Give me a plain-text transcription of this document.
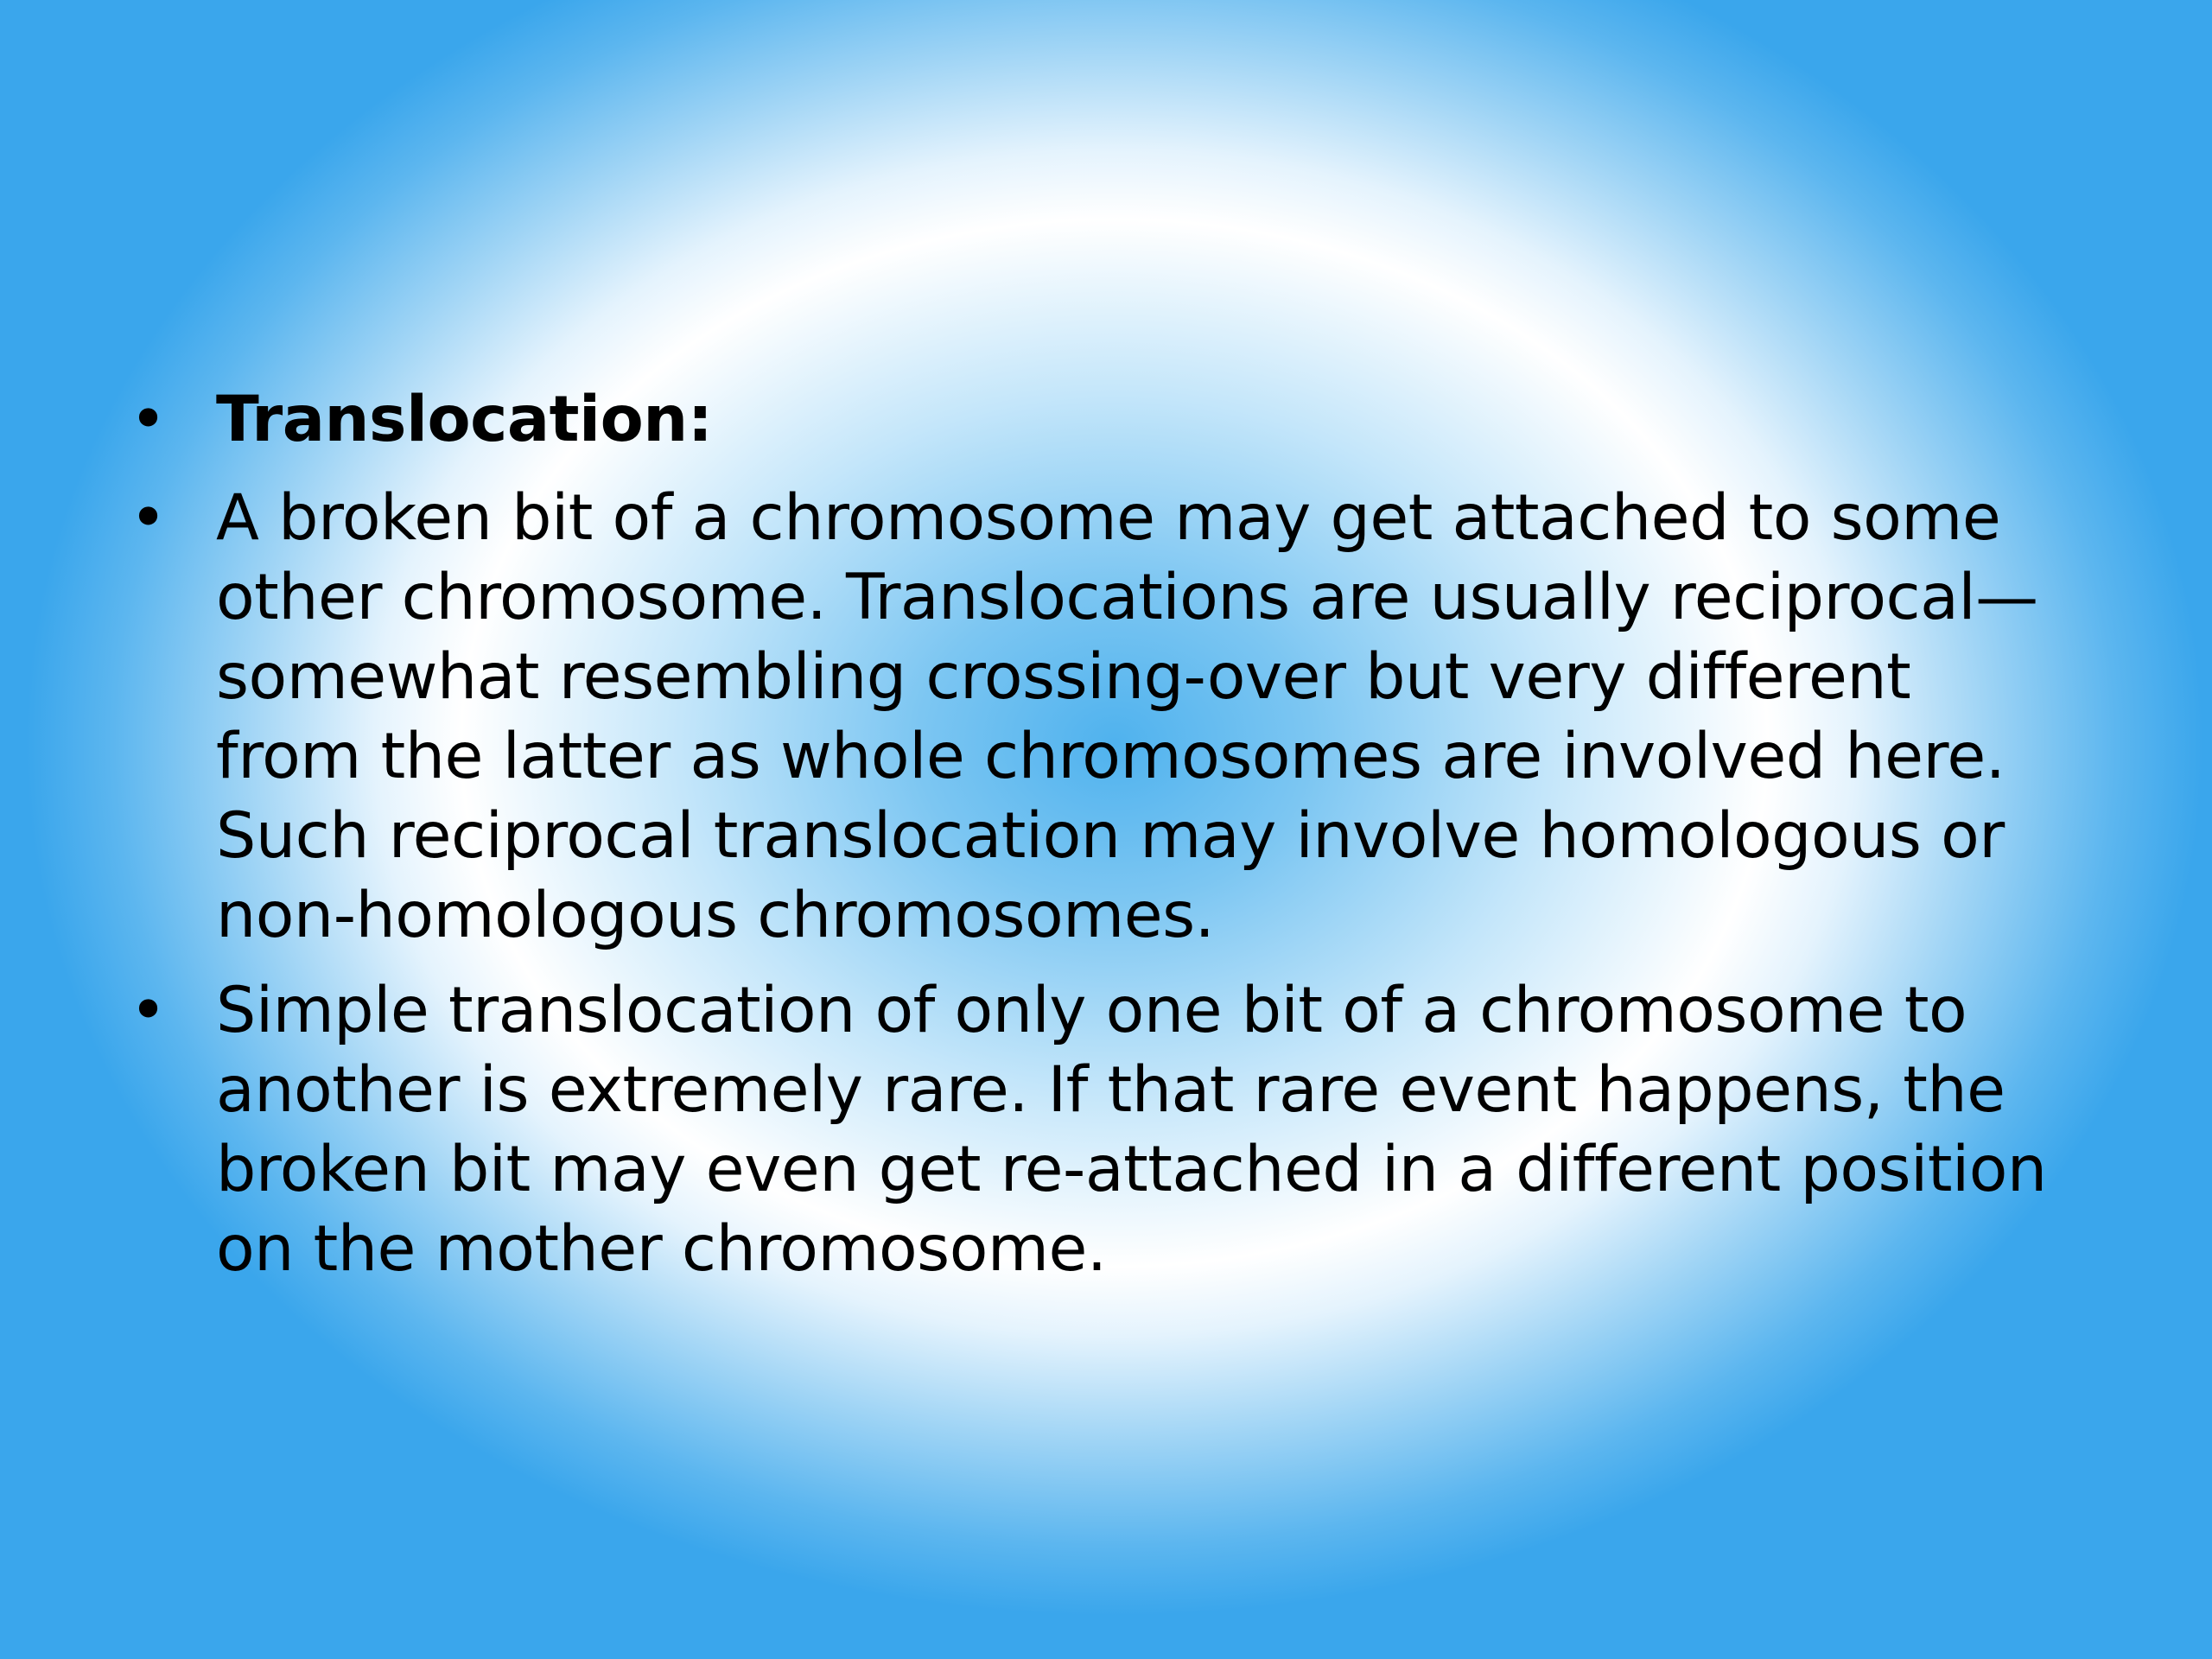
• Translocation:
• A broken bit of a chromosome may get attached to some other chromosome. Translocations are usually reciprocal—somewhat resembling crossing-over but very different from the latter as whole chromosomes are involved here. Such reciprocal translocation may involve homologous or non-homologous chromosomes.
• Simple translocation of only one bit of a chromosome to another is extremely rare. If that rare event happens, the broken bit may even get re-attached in a different position on the mother chromosome.
